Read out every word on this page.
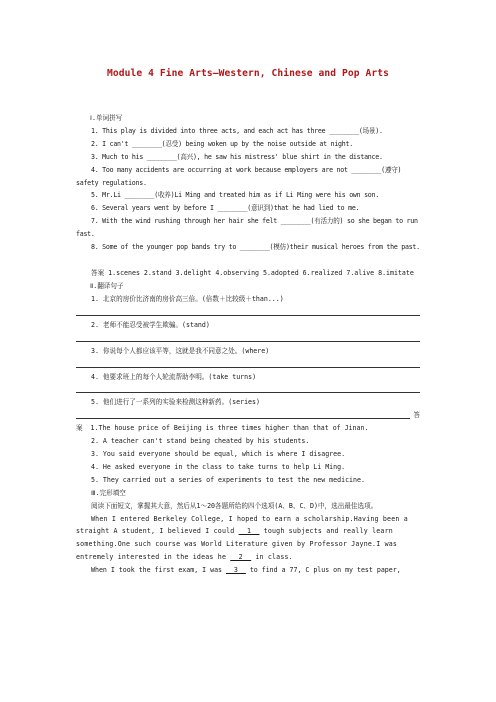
Module 4 Fine Arts—Western, Chinese and Pop Arts

Ⅰ.单词拼写

1. This play is divided into three acts, and each act has three ________(场景).

2. I can't ________(忍受) being woken up by the noise outside at night.

3. Much to his ________(高兴), he saw his mistress' blue shirt in the distance.

4. Too many accidents are occurring at work because employers are not ________(遵守) safety regulations.

5. Mr.Li ________(收养)Li Ming and treated him as if Li Ming were his own son.

6. Several years went by before I ________(意识到)that he had lied to me.

7. With the wind rushing through her hair she felt ________(有活力的) so she began to run fast.

8. Some of the younger pop bands try to ________(模仿)their musical heroes from the past.

答案 1.scenes 2.stand 3.delight 4.observing 5.adopted 6.realized 7.alive 8.imitate

Ⅱ.翻译句子

1. 北京的房价比济南的房价高三倍。(倍数＋比较级＋than...)

2. 老师不能忍受被学生欺骗。(stand)

3. 你说每个人都应该平等，这就是我不同意之处。(where)

4. 他要求班上的每个人轮流帮助李明。(take turns)

5. 他们进行了一系列的实验来检测这种新药。(series)

答

案 1.The house price of Beijing is three times higher than that of Jinan.

2. A teacher can't stand being cheated by his students.

3. You said everyone should be equal, which is where I disagree.

4. He asked everyone in the class to take turns to help Li Ming.

5. They carried out a series of experiments to test the new medicine.

Ⅲ.完形填空

阅读下面短文，掌握其大意，然后从1～20各题所给的四个选项(A、B、C、D)中，选出最佳选项。

When I entered Berkeley College, I hoped to earn a scholarship.Having been a straight A student, I believed I could __1__ tough subjects and really learn something.One such course was World Literature given by Professor Jayne.I was entremely interested in the ideas he __2__ in class.

When I took the first exam, I was __3__ to find a 77, C plus on my test paper,
